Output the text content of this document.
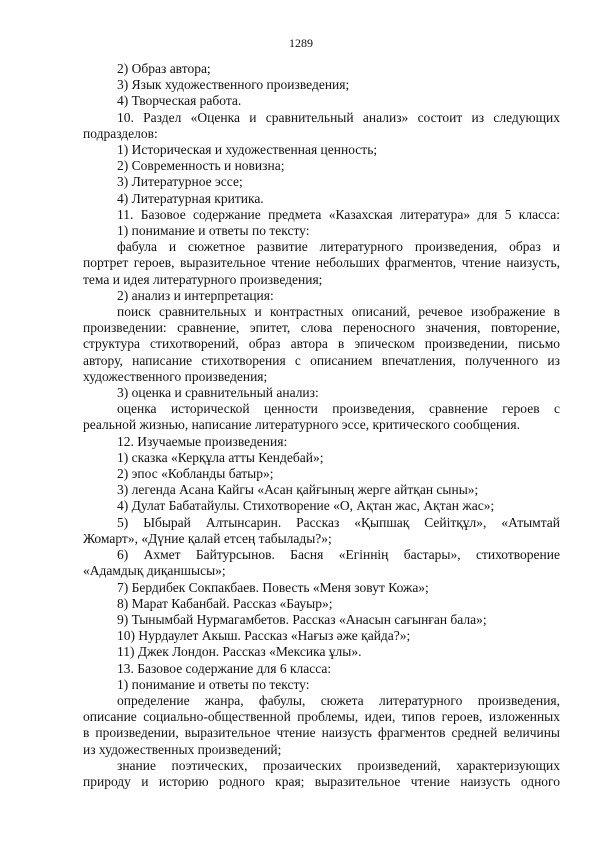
1289
2) Образ автора;
3) Язык художественного произведения;
4) Творческая работа.
10. Раздел «Оценка и сравнительный анализ» состоит из следующих
подразделов:
1) Историческая и художественная ценность;
2) Современность и новизна;
3) Литературное эссе;
4) Литературная критика.
11. Базовое содержание предмета «Казахская литература» для 5 класса:
1) понимание и ответы по тексту:
фабула и сюжетное развитие литературного произведения, образ и
портрет героев, выразительное чтение небольших фрагментов, чтение наизусть,
тема и идея литературного произведения;
2) анализ и интерпретация:
поиск сравнительных и контрастных описаний, речевое изображение в
произведении: сравнение, эпитет, слова переносного значения, повторение,
структура стихотворений, образ автора в эпическом произведении, письмо
автору, написание стихотворения с описанием впечатления, полученного из
художественного произведения;
3) оценка и сравнительный анализ:
оценка исторической ценности произведения, сравнение героев с
реальной жизнью, написание литературного эссе, критического сообщения.
12. Изучаемые произведения:
1) сказка «Керқұла атты Кендебай»;
2) эпос «Кобланды батыр»;
3) легенда Асана Кайгы «Асан қайғының жерге айтқан сыны»;
4) Дулат Бабатайулы. Стихотворение «О, Ақтан жас, Ақтан жас»;
5) Ыбырай Алтынсарин. Рассказ «Қыпшақ Сейітқұл», «Атымтай
Жомарт», «Дүние қалай етсең табылады?»;
6) Ахмет Байтурсынов. Басня «Егіннің бастары», стихотворение
«Адамдық диқаншысы»;
7) Бердибек Сокпакбаев. Повесть «Меня зовут Кожа»;
8) Марат Кабанбай. Рассказ «Бауыр»;
9) Тынымбай Нурмагамбетов. Рассказ «Анасын сағынған бала»;
10) Нурдаулет Акыш. Рассказ «Нағыз әже қайда?»;
11) Джек Лондон. Рассказ «Мексика ұлы».
13. Базовое содержание для 6 класса:
1) понимание и ответы по тексту:
определение жанра, фабулы, сюжета литературного произведения,
описание социально-общественной проблемы, идеи, типов героев, изложенных
в произведении, выразительное чтение наизусть фрагментов средней величины
из художественных произведений;
знание поэтических, прозаических произведений, характеризующих
природу и историю родного края; выразительное чтение наизусть одного
